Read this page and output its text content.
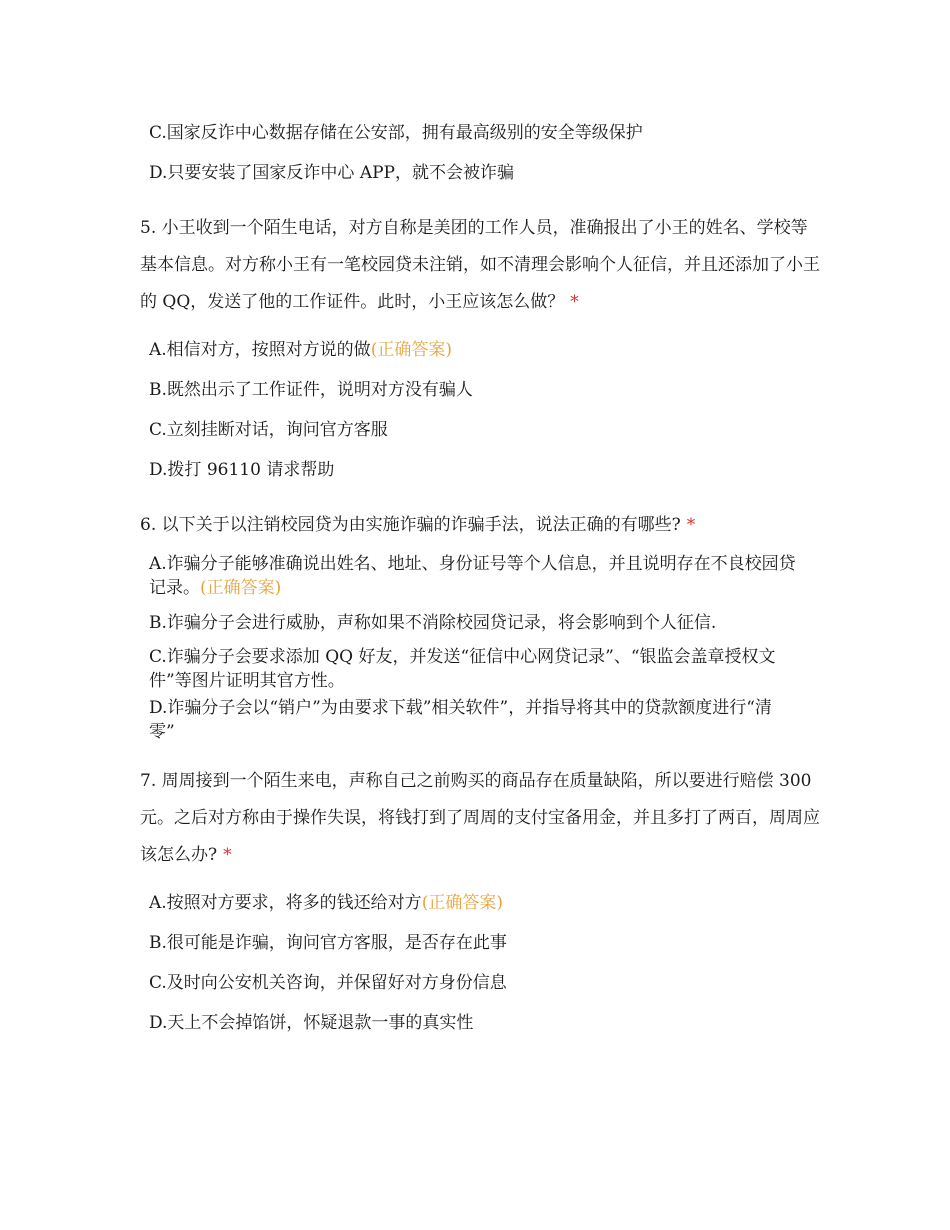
C.国家反诈中心数据存储在公安部，拥有最高级别的安全等级保护
D.只要安装了国家反诈中心 APP，就不会被诈骗
5. 小王收到一个陌生电话，对方自称是美团的工作人员，准确报出了小王的姓名、学校等基本信息。对方称小王有一笔校园贷未注销，如不清理会影响个人征信，并且还添加了小王的 QQ，发送了他的工作证件。此时，小王应该怎么做？ *
A.相信对方，按照对方说的做(正确答案)
B.既然出示了工作证件，说明对方没有骗人
C.立刻挂断对话，询问官方客服
D.拨打 96110 请求帮助
6. 以下关于以注销校园贷为由实施诈骗的诈骗手法，说法正确的有哪些? *
A.诈骗分子能够准确说出姓名、地址、身份证号等个人信息，并且说明存在不良校园贷记录。(正确答案)
B.诈骗分子会进行威胁，声称如果不消除校园贷记录，将会影响到个人征信.
C.诈骗分子会要求添加 QQ 好友，并发送“征信中心网贷记录”、“银监会盖章授权文件”等图片证明其官方性。
D.诈骗分子会以“销户”为由要求下载”相关软件”，并指导将其中的贷款额度进行“清零”
7. 周周接到一个陌生来电，声称自己之前购买的商品存在质量缺陷，所以要进行赔偿 300 元。之后对方称由于操作失误，将钱打到了周周的支付宝备用金，并且多打了两百，周周应该怎么办? *
A.按照对方要求，将多的钱还给对方(正确答案)
B.很可能是诈骗，询问官方客服，是否存在此事
C.及时向公安机关咨询，并保留好对方身份信息
D.天上不会掉馅饼，怀疑退款一事的真实性
